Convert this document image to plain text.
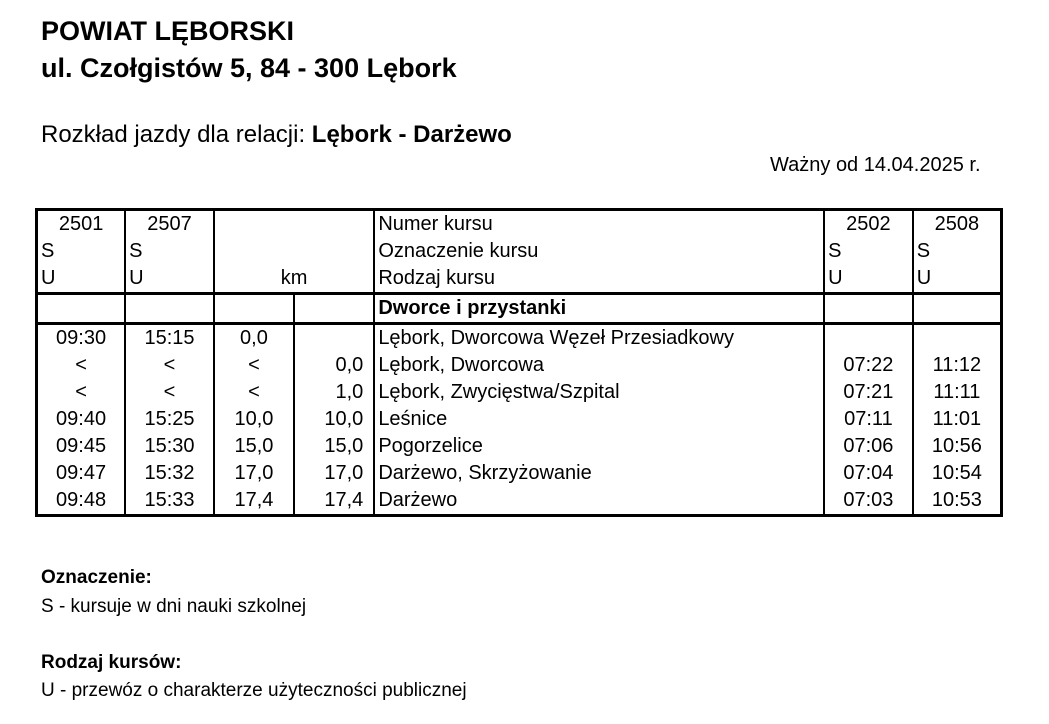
POWIAT LĘBORSKI
ul. Czołgistów 5, 84 - 300 Lębork
Rozkład jazdy dla relacji: Lębork - Darżewo
Ważny od 14.04.2025 r.
2501	2507			Numer kursu	2502	2508
S	S			Oznaczenie kursu	S	S
U	U	km		Rodzaj kursu	U	U
				Dworce i przystanki		
09:30	15:15	0,0		Lębork, Dworcowa Węzeł Przesiadkowy		
<	<	<	0,0	Lębork, Dworcowa	07:22	11:12
<	<	<	1,0	Lębork, Zwycięstwa/Szpital	07:21	11:11
09:40	15:25	10,0	10,0	Leśnice	07:11	11:01
09:45	15:30	15,0	15,0	Pogorzelice	07:06	10:56
09:47	15:32	17,0	17,0	Darżewo, Skrzyżowanie	07:04	10:54
09:48	15:33	17,4	17,4	Darżewo	07:03	10:53
Oznaczenie:
S - kursuje w dni nauki szkolnej
Rodzaj kursów:
U - przewóz o charakterze użyteczności publicznej
